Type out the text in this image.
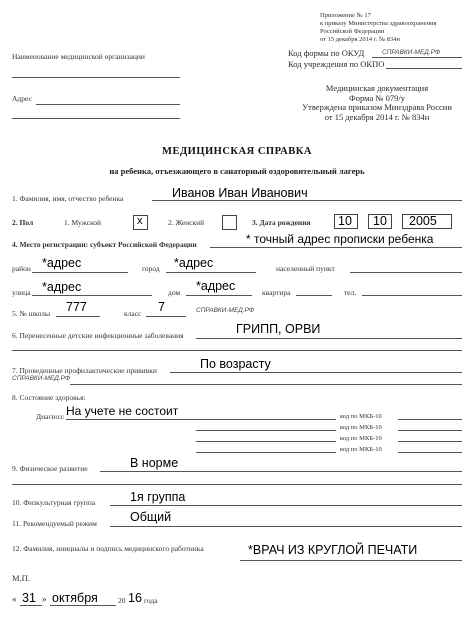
Приложение № 17
к приказу Министерства здравоохранения
Российской Федерации
от 15 декабря 2014 г. № 834н
Наименование медицинской организации
Адрес
Код формы по ОКУД	СПРАВКИ-МЕД.РФ
Код учреждения по ОКПО
Медицинская документация
Форма № 079/у
Утверждена приказом Минздрава России
от 15 декабря 2014 г. № 834н
МЕДИЦИНСКАЯ СПРАВКА
на ребенка, отъезжающего в санаторный оздоровительный лагерь
1. Фамилия, имя, отчество ребенка	Иванов Иван Иванович
2. Пол	1. Мужской	x	2. Женский	3. Дата рождения 10 10 2005
4. Место регистрации: субъект Российской Федерации	* точный адрес прописки ребенка
район *адрес	город *адрес	населенный пункт
улица *адрес	дом *адрес	квартира	тел.
5. № школы 777	класс 7	СПРАВКИ-МЕД.РФ
6. Перенесенные детские инфекционные заболевания	ГРИПП, ОРВИ
7. Проведенные профилактические прививки
СПРАВКИ-МЕД.РФ
По возрасту
8. Состояние здоровья:
Диагноз: На учете не состоит	код по МКБ-10
код по МКБ-10
код по МКБ-10
код по МКБ-10
9. Физическое развитие	В норме
10. Физкультурная группа	1я группа
11. Рекомендуемый режим	Общий
12. Фамилия, инициалы и подпись медицинского работника	*ВРАЧ ИЗ КРУГЛОЙ ПЕЧАТИ
М.П.
« 31 » октября	20 16 года
